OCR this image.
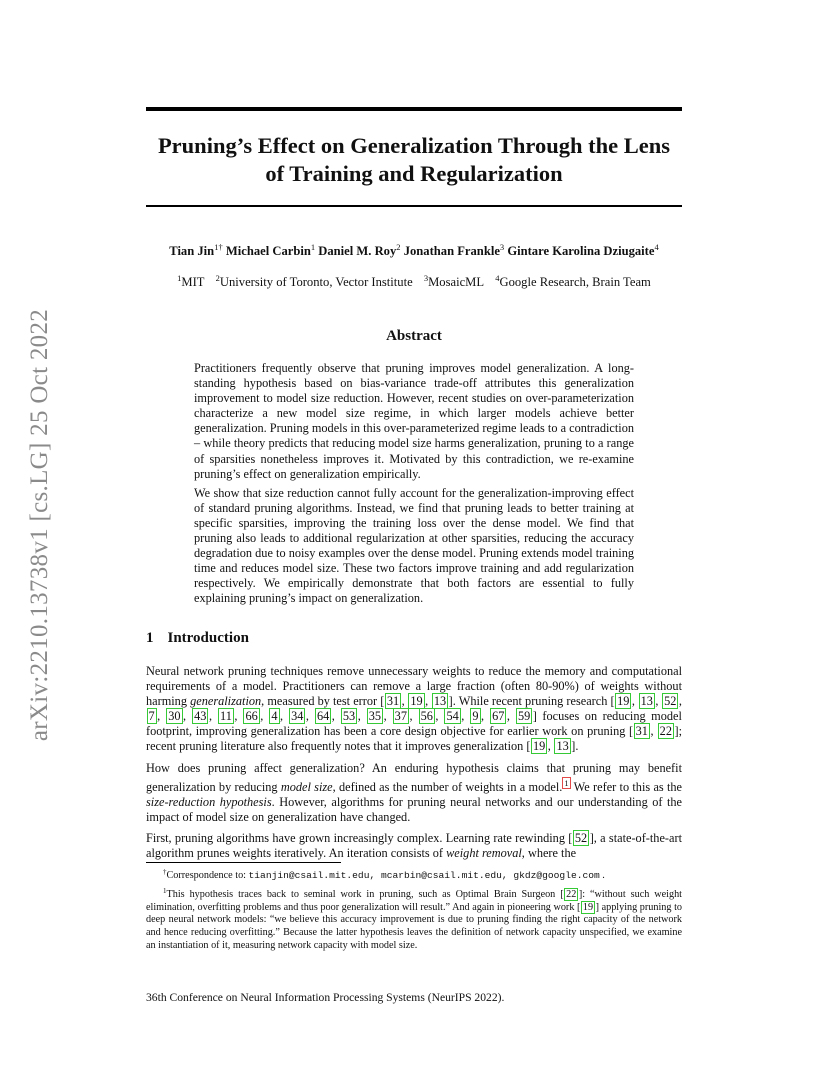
arXiv:2210.13738v1 [cs.LG] 25 Oct 2022
Pruning’s Effect on Generalization Through the Lens
of Training and Regularization
Tian Jin$^{1\dagger}$ Michael Carbin$^1$ Daniel M. Roy$^2$ Jonathan Frankle$^3$ Gintare Karolina Dziugaite$^4$
$^1$MIT $^2$University of Toronto, Vector Institute $^3$MosaicML $^4$Google Research, Brain Team
Abstract

Practitioners frequently observe that pruning improves model generalization. A long-standing hypothesis based on bias-variance trade-off attributes this generalization improvement to model size reduction. However, recent studies on over-parameterization characterize a new model size regime, in which larger models achieve better generalization. Pruning models in this over-parameterized regime leads to a contradiction – while theory predicts that reducing model size harms generalization, pruning to a range of sparsities nonetheless improves it. Motivated by this contradiction, we re-examine pruning’s effect on generalization empirically.

We show that size reduction cannot fully account for the generalization-improving effect of standard pruning algorithms. Instead, we find that pruning leads to better training at specific sparsities, improving the training loss over the dense model. We find that pruning also leads to additional regularization at other sparsities, reducing the accuracy degradation due to noisy examples over the dense model. Pruning extends model training time and reduces model size. These two factors improve training and add regularization respectively. We empirically demonstrate that both factors are essential to fully explaining pruning’s impact on generalization.

1 Introduction

Neural network pruning techniques remove unnecessary weights to reduce the memory and computational requirements of a model. Practitioners can remove a large fraction (often 80-90%) of weights without harming generalization, measured by test error [ 31 , 19 , 13 ]. While recent pruning research [ 19 , 13 , 52 , 7 , 30 , 43 , 11 , 66 , 4 , 34 , 64 , 53 , 35 , 37 , 56 , 54 , 9 , 67 , 59 ] focuses on reducing model footprint, improving generalization has been a core design objective for earlier work on pruning [ 31 , 22 ]; recent pruning literature also frequently notes that it improves generalization [ 19 , 13 ].

How does pruning affect generalization? An enduring hypothesis claims that pruning may benefit generalization by reducing model size, defined as the number of weights in a model. $^1$ We refer to this as the size-reduction hypothesis. However, algorithms for pruning neural networks and our understanding of the impact of model size on generalization have changed.

First, pruning algorithms have grown increasingly complex. Learning rate rewinding [ 52 ], a state-of-the-art algorithm prunes weights iteratively. An iteration consists of weight removal, where the

†Correspondence to: tianjin@csail.mit.edu, mcarbin@csail.mit.edu, gkdz@google.com .

$^1$This hypothesis traces back to seminal work in pruning, such as Optimal Brain Surgeon [ 22 ]: “without such weight elimination, overfitting problems and thus poor generalization will result.” And again in pioneering work [ 19 ] applying pruning to deep neural network models: “we believe this accuracy improvement is due to pruning finding the right capacity of the network and hence reducing overfitting.” Because the latter hypothesis leaves the definition of network capacity unspecified, we examine an instantiation of it, measuring network capacity with model size.

36th Conference on Neural Information Processing Systems (NeurIPS 2022).
